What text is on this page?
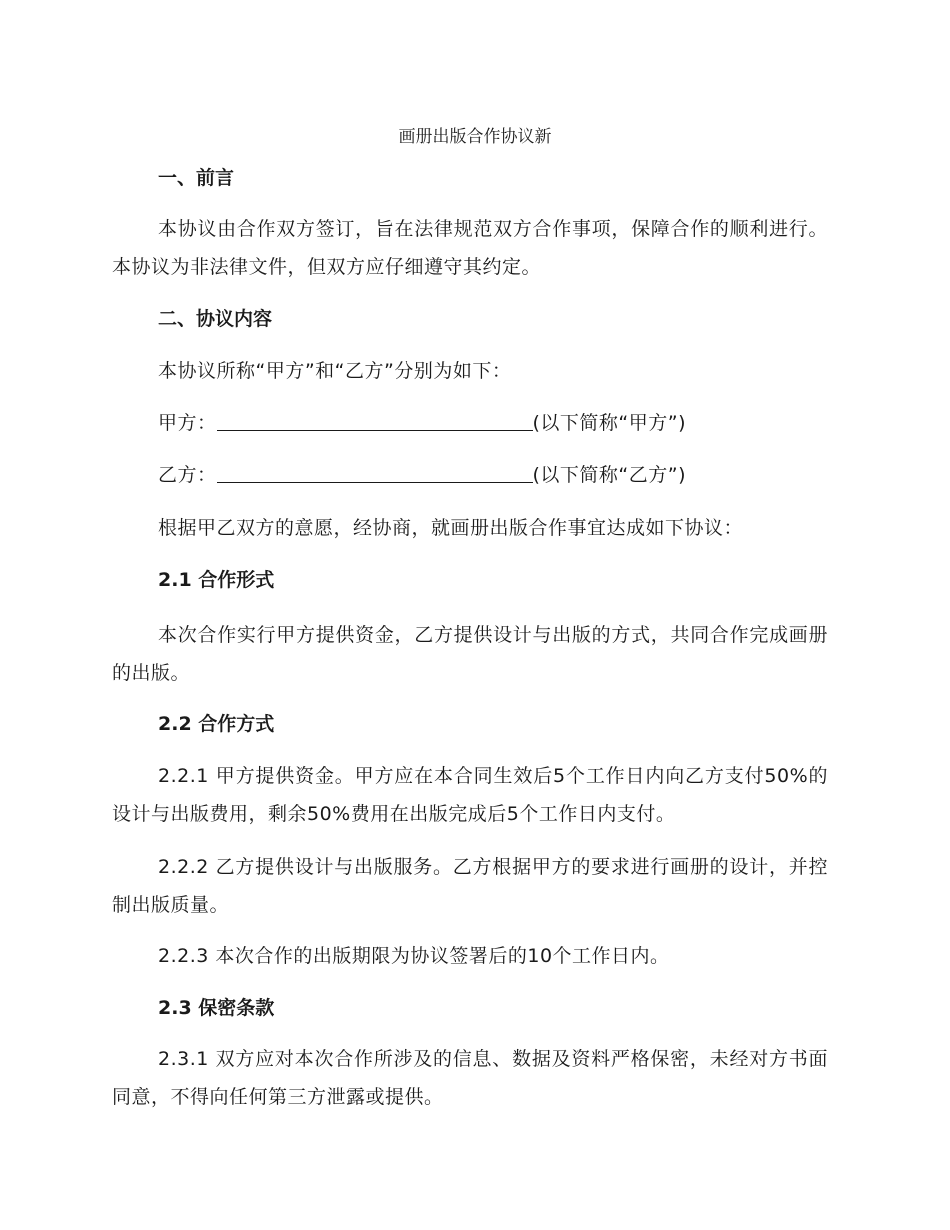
画册出版合作协议新
一、前言
本协议由合作双方签订，旨在法律规范双方合作事项，保障合作的顺利进行。本协议为非法律文件，但双方应仔细遵守其约定。
二、协议内容
本协议所称“甲方”和“乙方”分别为如下：
甲方：	(以下简称“甲方”)
乙方：	(以下简称“乙方”)
根据甲乙双方的意愿，经协商，就画册出版合作事宜达成如下协议：
2.1 合作形式
本次合作实行甲方提供资金，乙方提供设计与出版的方式，共同合作完成画册的出版。
2.2 合作方式
2.2.1 甲方提供资金。甲方应在本合同生效后5个工作日内向乙方支付50%的设计与出版费用，剩余50%费用在出版完成后5个工作日内支付。
2.2.2 乙方提供设计与出版服务。乙方根据甲方的要求进行画册的设计，并控制出版质量。
2.2.3 本次合作的出版期限为协议签署后的10个工作日内。
2.3 保密条款
2.3.1 双方应对本次合作所涉及的信息、数据及资料严格保密，未经对方书面同意，不得向任何第三方泄露或提供。
